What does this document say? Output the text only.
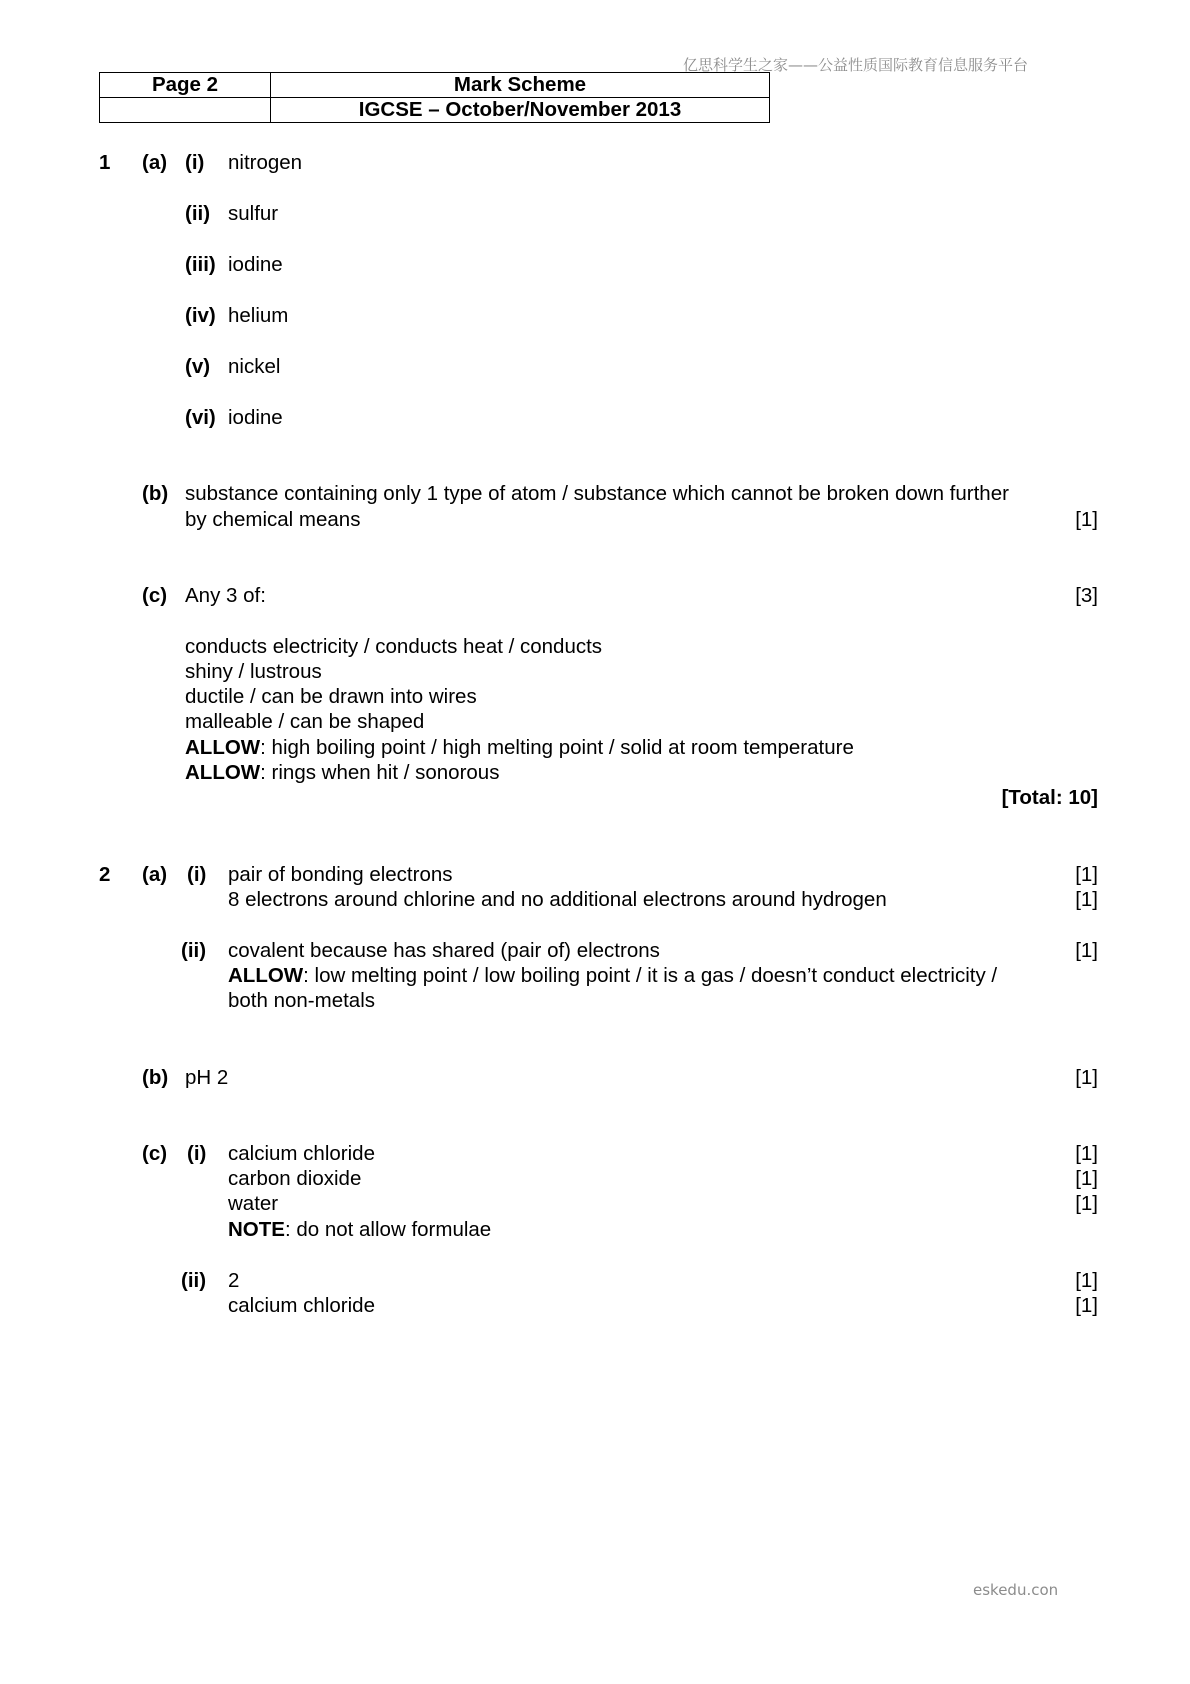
亿思科学生之家——公益性质国际教育信息服务平台
eskedu.con
Page 2	Mark Scheme
	IGCSE – October/November 2013
1 (a) (i) nitrogen
(ii) sulfur
(iii) iodine
(iv) helium
(v) nickel
(vi) iodine
(b) substance containing only 1 type of atom / substance which cannot be broken down further
by chemical means	[1]
(c) Any 3 of:	[3]
conducts electricity / conducts heat / conducts
shiny / lustrous
ductile / can be drawn into wires
malleable / can be shaped
ALLOW: high boiling point / high melting point / solid at room temperature
ALLOW: rings when hit / sonorous
[Total: 10]
2 (a) (i) pair of bonding electrons	[1]
8 electrons around chlorine and no additional electrons around hydrogen	[1]
(ii) covalent because has shared (pair of) electrons	[1]
ALLOW: low melting point / low boiling point / it is a gas / doesn’t conduct electricity /
both non-metals
(b) pH 2	[1]
(c) (i) calcium chloride	[1]
carbon dioxide	[1]
water	[1]
NOTE: do not allow formulae
(ii) 2	[1]
calcium chloride	[1]
